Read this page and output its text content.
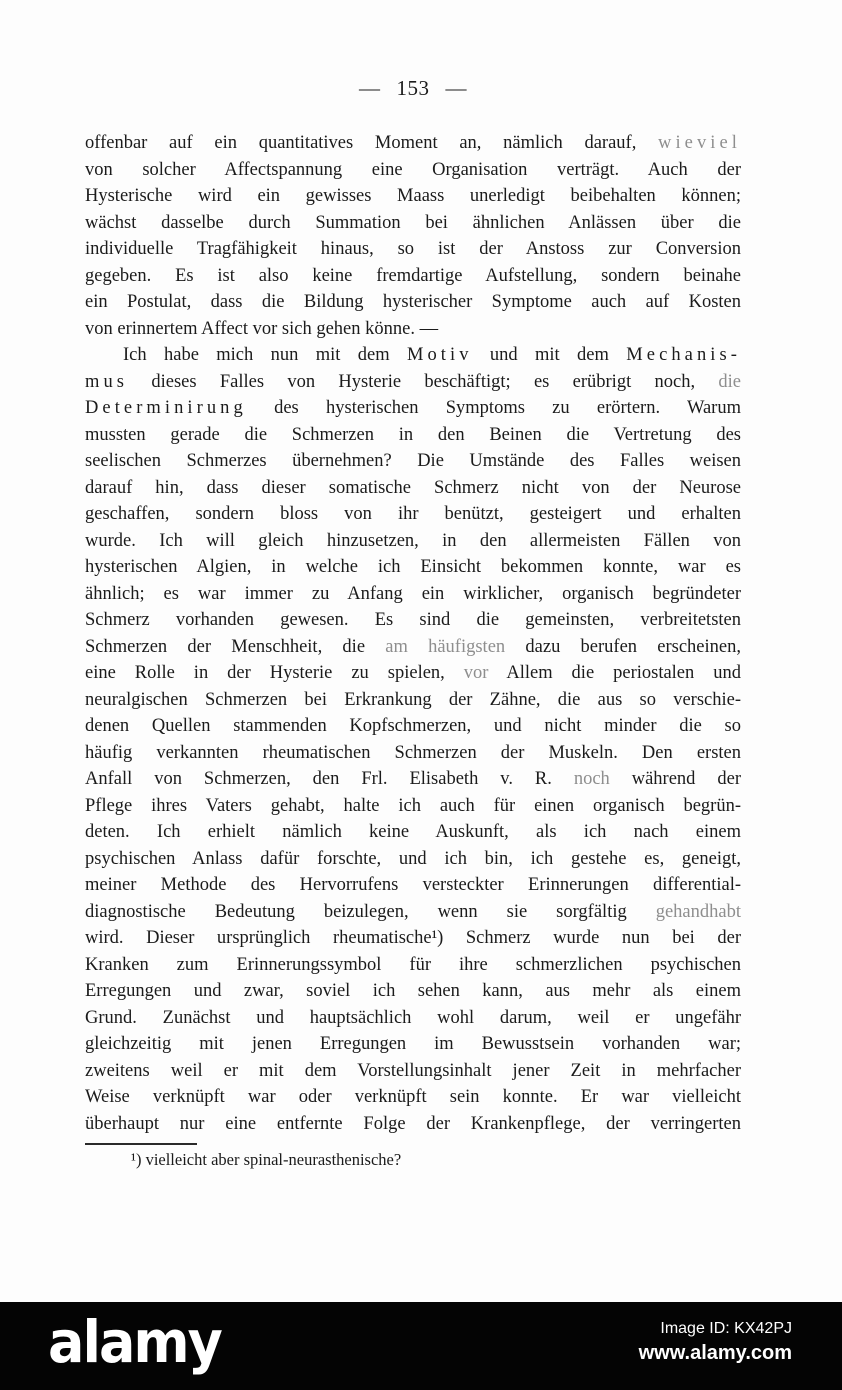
— 153 —
offenbar auf ein quantitatives Moment an, nämlich darauf, wieviel
von solcher Affectspannung eine Organisation verträgt. Auch der
Hysterische wird ein gewisses Maass unerledigt beibehalten können;
wächst dasselbe durch Summation bei ähnlichen Anlässen über die
individuelle Tragfähigkeit hinaus, so ist der Anstoss zur Conversion
gegeben. Es ist also keine fremdartige Aufstellung, sondern beinahe
ein Postulat, dass die Bildung hysterischer Symptome auch auf Kosten
von erinnertem Affect vor sich gehen könne. —
Ich habe mich nun mit dem Motiv und mit dem Mechanis-
mus dieses Falles von Hysterie beschäftigt; es erübrigt noch, die
Determinirung des hysterischen Symptoms zu erörtern. Warum
mussten gerade die Schmerzen in den Beinen die Vertretung des
seelischen Schmerzes übernehmen? Die Umstände des Falles weisen
darauf hin, dass dieser somatische Schmerz nicht von der Neurose
geschaffen, sondern bloss von ihr benützt, gesteigert und erhalten
wurde. Ich will gleich hinzusetzen, in den allermeisten Fällen von
hysterischen Algien, in welche ich Einsicht bekommen konnte, war es
ähnlich; es war immer zu Anfang ein wirklicher, organisch begründeter
Schmerz vorhanden gewesen. Es sind die gemeinsten, verbreitetsten
Schmerzen der Menschheit, die am häufigsten dazu berufen erscheinen,
eine Rolle in der Hysterie zu spielen, vor Allem die periostalen und
neuralgischen Schmerzen bei Erkrankung der Zähne, die aus so verschie-
denen Quellen stammenden Kopfschmerzen, und nicht minder die so
häufig verkannten rheumatischen Schmerzen der Muskeln. Den ersten
Anfall von Schmerzen, den Frl. Elisabeth v. R. noch während der
Pflege ihres Vaters gehabt, halte ich auch für einen organisch begrün-
deten. Ich erhielt nämlich keine Auskunft, als ich nach einem
psychischen Anlass dafür forschte, und ich bin, ich gestehe es, geneigt,
meiner Methode des Hervorrufens versteckter Erinnerungen differential-
diagnostische Bedeutung beizulegen, wenn sie sorgfältig gehandhabt
wird. Dieser ursprünglich rheumatische¹) Schmerz wurde nun bei der
Kranken zum Erinnerungssymbol für ihre schmerzlichen psychischen
Erregungen und zwar, soviel ich sehen kann, aus mehr als einem
Grund. Zunächst und hauptsächlich wohl darum, weil er ungefähr
gleichzeitig mit jenen Erregungen im Bewusstsein vorhanden war;
zweitens weil er mit dem Vorstellungsinhalt jener Zeit in mehrfacher
Weise verknüpft war oder verknüpft sein konnte. Er war vielleicht
überhaupt nur eine entfernte Folge der Krankenpflege, der verringerten
¹) vielleicht aber spinal-neurasthenische?
alamy	Image ID: KX42PJ
www.alamy.com
